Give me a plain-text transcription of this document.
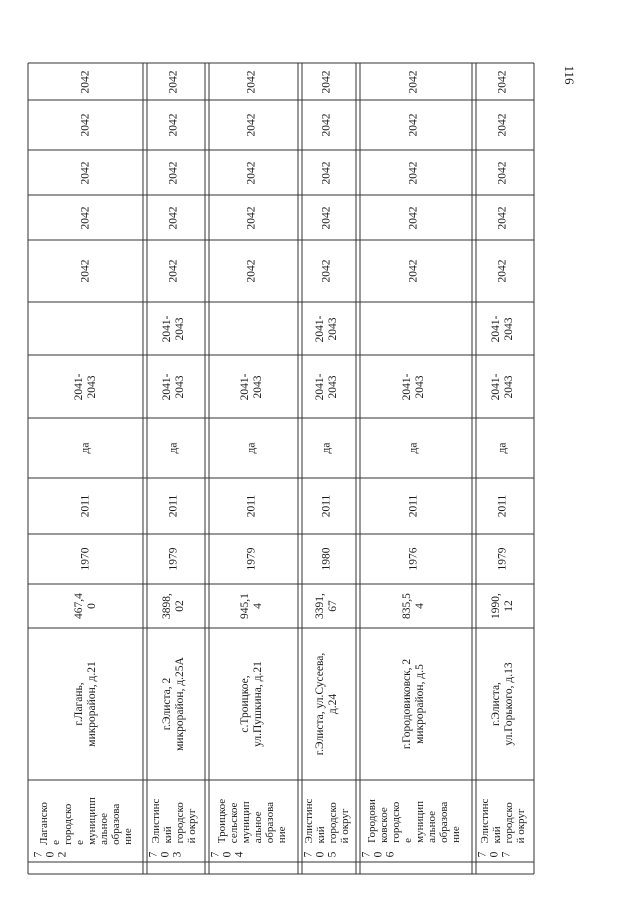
116
2042
2042
2042
2042
2042
2041-
2043
да
2011
1970
467,4
0
г.Лагань,
микрорайон, д.21
Лаганско
е
городско
е
муниципп
альное
образова
ние
7 0 2
2042
2042
2042
2042
2042
2041-
2043
2041-
2043
да
2011
1979
3898,
02
г.Элиста, 2
микрорайон, д.25А
Элистинс
кий
городско
й округ
7 0 3
2042
2042
2042
2042
2042
2041-
2043
да
2011
1979
945,1
4
с.Троицкое,
ул.Пушкина, д.21
Троицкое
сельское
муницип
альное
образова
ние
7 0 4
2042
2042
2042
2042
2042
2041-
2043
2041-
2043
да
2011
1980
3391,
67
г.Элиста, ул.Сусеева,
д.24
Элистинс
кий
городско
й округ
7 0 5
2042
2042
2042
2042
2042
2041-
2043
да
2011
1976
835,5
4
г.Городовиковск, 2
микрорайон, д.5
Городови
ковское
городско
е
муницип
альное
образова
ние
7 0 6
2042
2042
2042
2042
2042
2041-
2043
2041-
2043
да
2011
1979
1990,
12
г.Элиста,
ул.Горького, д.13
Элистинс
кий
городско
й округ
7 0 7
